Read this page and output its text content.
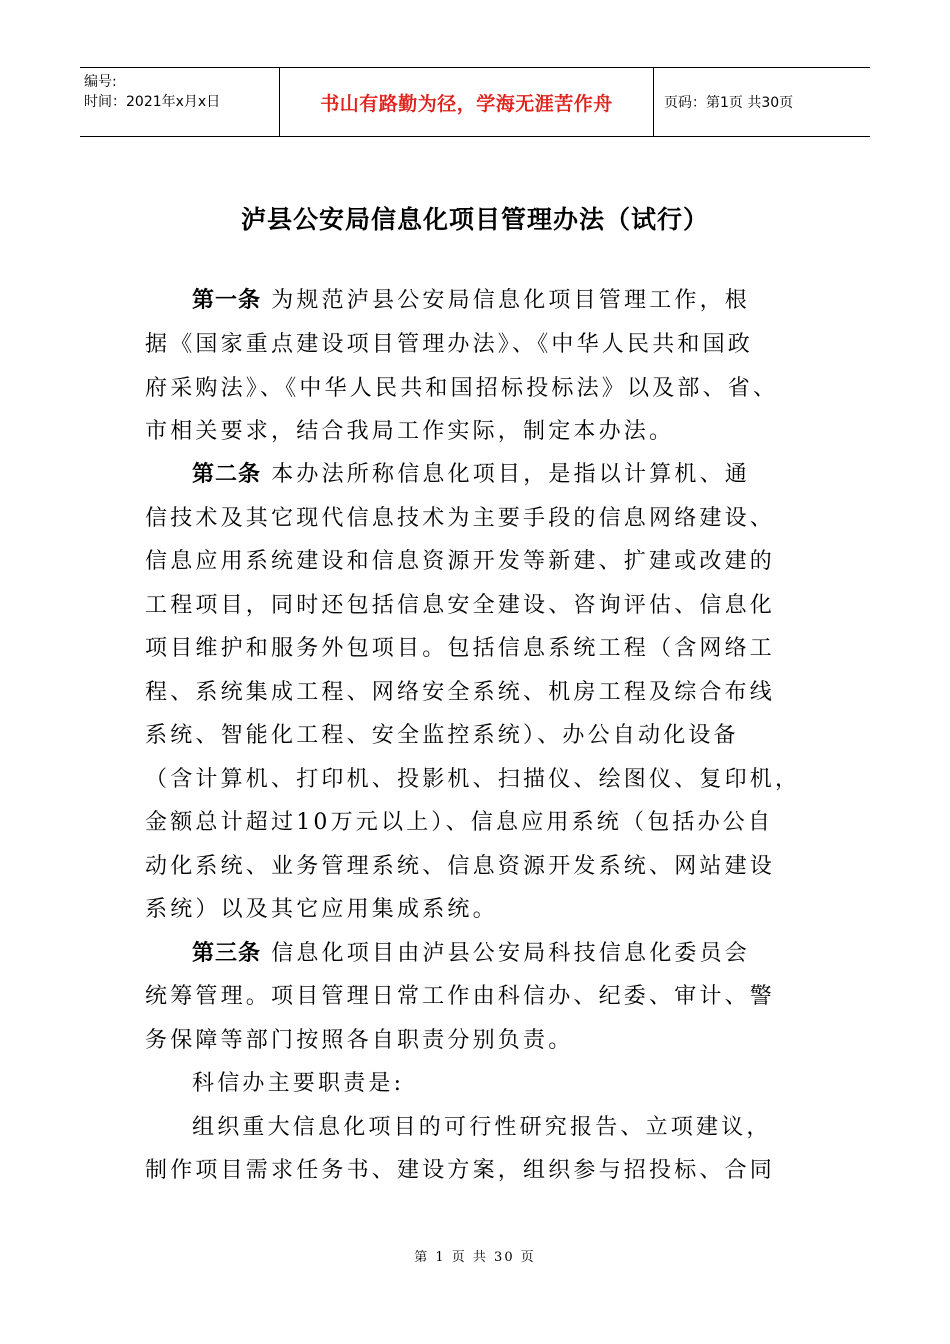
编号:
时间：2021年x月x日	书山有路勤为径，学海无涯苦作舟	页码：第1页 共30页
泸县公安局信息化项目管理办法（试行）
第一条 为规范泸县公安局信息化项目管理工作，根
据《国家重点建设项目管理办法》、《中华人民共和国政
府采购法》、《中华人民共和国招标投标法》以及部、省、
市相关要求，结合我局工作实际，制定本办法。
第二条 本办法所称信息化项目，是指以计算机、通
信技术及其它现代信息技术为主要手段的信息网络建设、
信息应用系统建设和信息资源开发等新建、扩建或改建的
工程项目，同时还包括信息安全建设、咨询评估、信息化
项目维护和服务外包项目。包括信息系统工程（含网络工
程、系统集成工程、网络安全系统、机房工程及综合布线
系统、智能化工程、安全监控系统）、办公自动化设备
（含计算机、打印机、投影机、扫描仪、绘图仪、复印机，
金额总计超过10万元以上）、信息应用系统（包括办公自
动化系统、业务管理系统、信息资源开发系统、网站建设
系统）以及其它应用集成系统。
第三条 信息化项目由泸县公安局科技信息化委员会
统筹管理。项目管理日常工作由科信办、纪委、审计、警
务保障等部门按照各自职责分别负责。
科信办主要职责是:
组织重大信息化项目的可行性研究报告、立项建议，
制作项目需求任务书、建设方案，组织参与招投标、合同
第 1 页 共 30 页
